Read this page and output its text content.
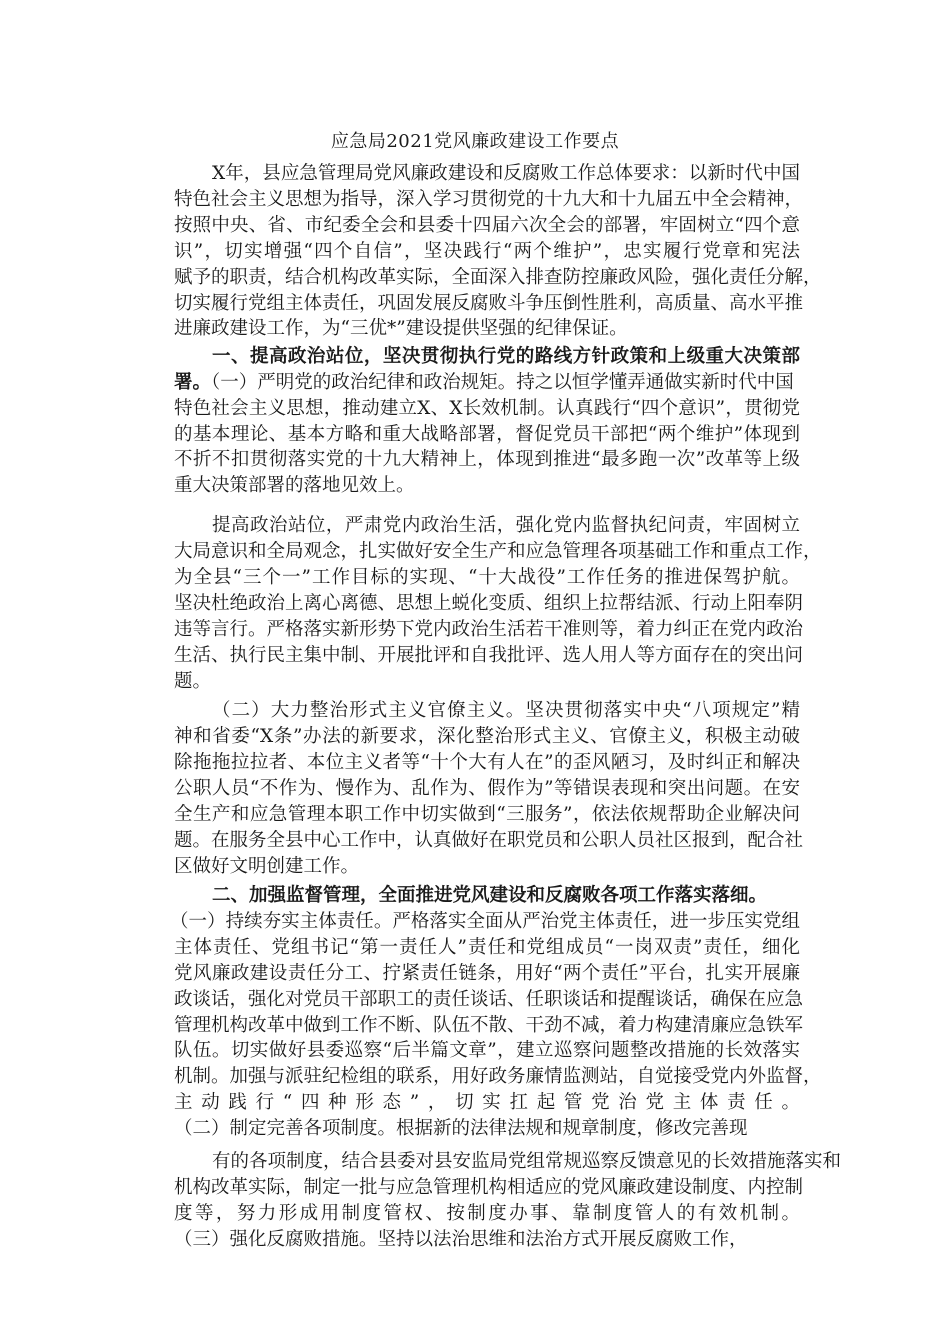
应急局2021党风廉政建设工作要点
X年，县应急管理局党风廉政建设和反腐败工作总体要求：以新时代中国
特色社会主义思想为指导，深入学习贯彻党的十九大和十九届五中全会精神，
按照中央、省、市纪委全会和县委十四届六次全会的部署，牢固树立“四个意
识”，切实增强“四个自信”，坚决践行“两个维护”，忠实履行党章和宪法
赋予的职责，结合机构改革实际，全面深入排查防控廉政风险，强化责任分解，
切实履行党组主体责任，巩固发展反腐败斗争压倒性胜利，高质量、高水平推
进廉政建设工作，为“三优*”建设提供坚强的纪律保证。
一、提高政治站位，坚决贯彻执行党的路线方针政策和上级重大决策部
署。（一）严明党的政治纪律和政治规矩。持之以恒学懂弄通做实新时代中国
特色社会主义思想，推动建立X、X长效机制。认真践行“四个意识”，贯彻党
的基本理论、基本方略和重大战略部署，督促党员干部把“两个维护”体现到
不折不扣贯彻落实党的十九大精神上，体现到推进“最多跑一次”改革等上级
重大决策部署的落地见效上。
提高政治站位，严肃党内政治生活，强化党内监督执纪问责，牢固树立
大局意识和全局观念，扎实做好安全生产和应急管理各项基础工作和重点工作，
为全县“三个一”工作目标的实现、“十大战役”工作任务的推进保驾护航。
坚决杜绝政治上离心离德、思想上蜕化变质、组织上拉帮结派、行动上阳奉阴
违等言行。严格落实新形势下党内政治生活若干准则等，着力纠正在党内政治
生活、执行民主集中制、开展批评和自我批评、选人用人等方面存在的突出问
题。
（二）大力整治形式主义官僚主义。坚决贯彻落实中央“八项规定”精
神和省委“X条”办法的新要求，深化整治形式主义、官僚主义，积极主动破
除拖拖拉拉者、本位主义者等“十个大有人在”的歪风陋习，及时纠正和解决
公职人员“不作为、慢作为、乱作为、假作为”等错误表现和突出问题。在安
全生产和应急管理本职工作中切实做到“三服务”，依法依规帮助企业解决问
题。在服务全县中心工作中，认真做好在职党员和公职人员社区报到，配合社
区做好文明创建工作。
二、加强监督管理，全面推进党风建设和反腐败各项工作落实落细。
（一）持续夯实主体责任。严格落实全面从严治党主体责任，进一步压实党组
主体责任、党组书记“第一责任人”责任和党组成员“一岗双责”责任，细化
党风廉政建设责任分工、拧紧责任链条，用好“两个责任”平台，扎实开展廉
政谈话，强化对党员干部职工的责任谈话、任职谈话和提醒谈话，确保在应急
管理机构改革中做到工作不断、队伍不散、干劲不减，着力构建清廉应急铁军
队伍。切实做好县委巡察“后半篇文章”，建立巡察问题整改措施的长效落实
机制。加强与派驻纪检组的联系，用好政务廉情监测站，自觉接受党内外监督，
主动践行“四种形态”，切实扛起管党治党主体责任。
（二）制定完善各项制度。根据新的法律法规和规章制度，修改完善现
有的各项制度，结合县委对县安监局党组常规巡察反馈意见的长效措施落实和
机构改革实际，制定一批与应急管理机构相适应的党风廉政建设制度、内控制
度等，努力形成用制度管权、按制度办事、靠制度管人的有效机制。
（三）强化反腐败措施。坚持以法治思维和法治方式开展反腐败工作，
